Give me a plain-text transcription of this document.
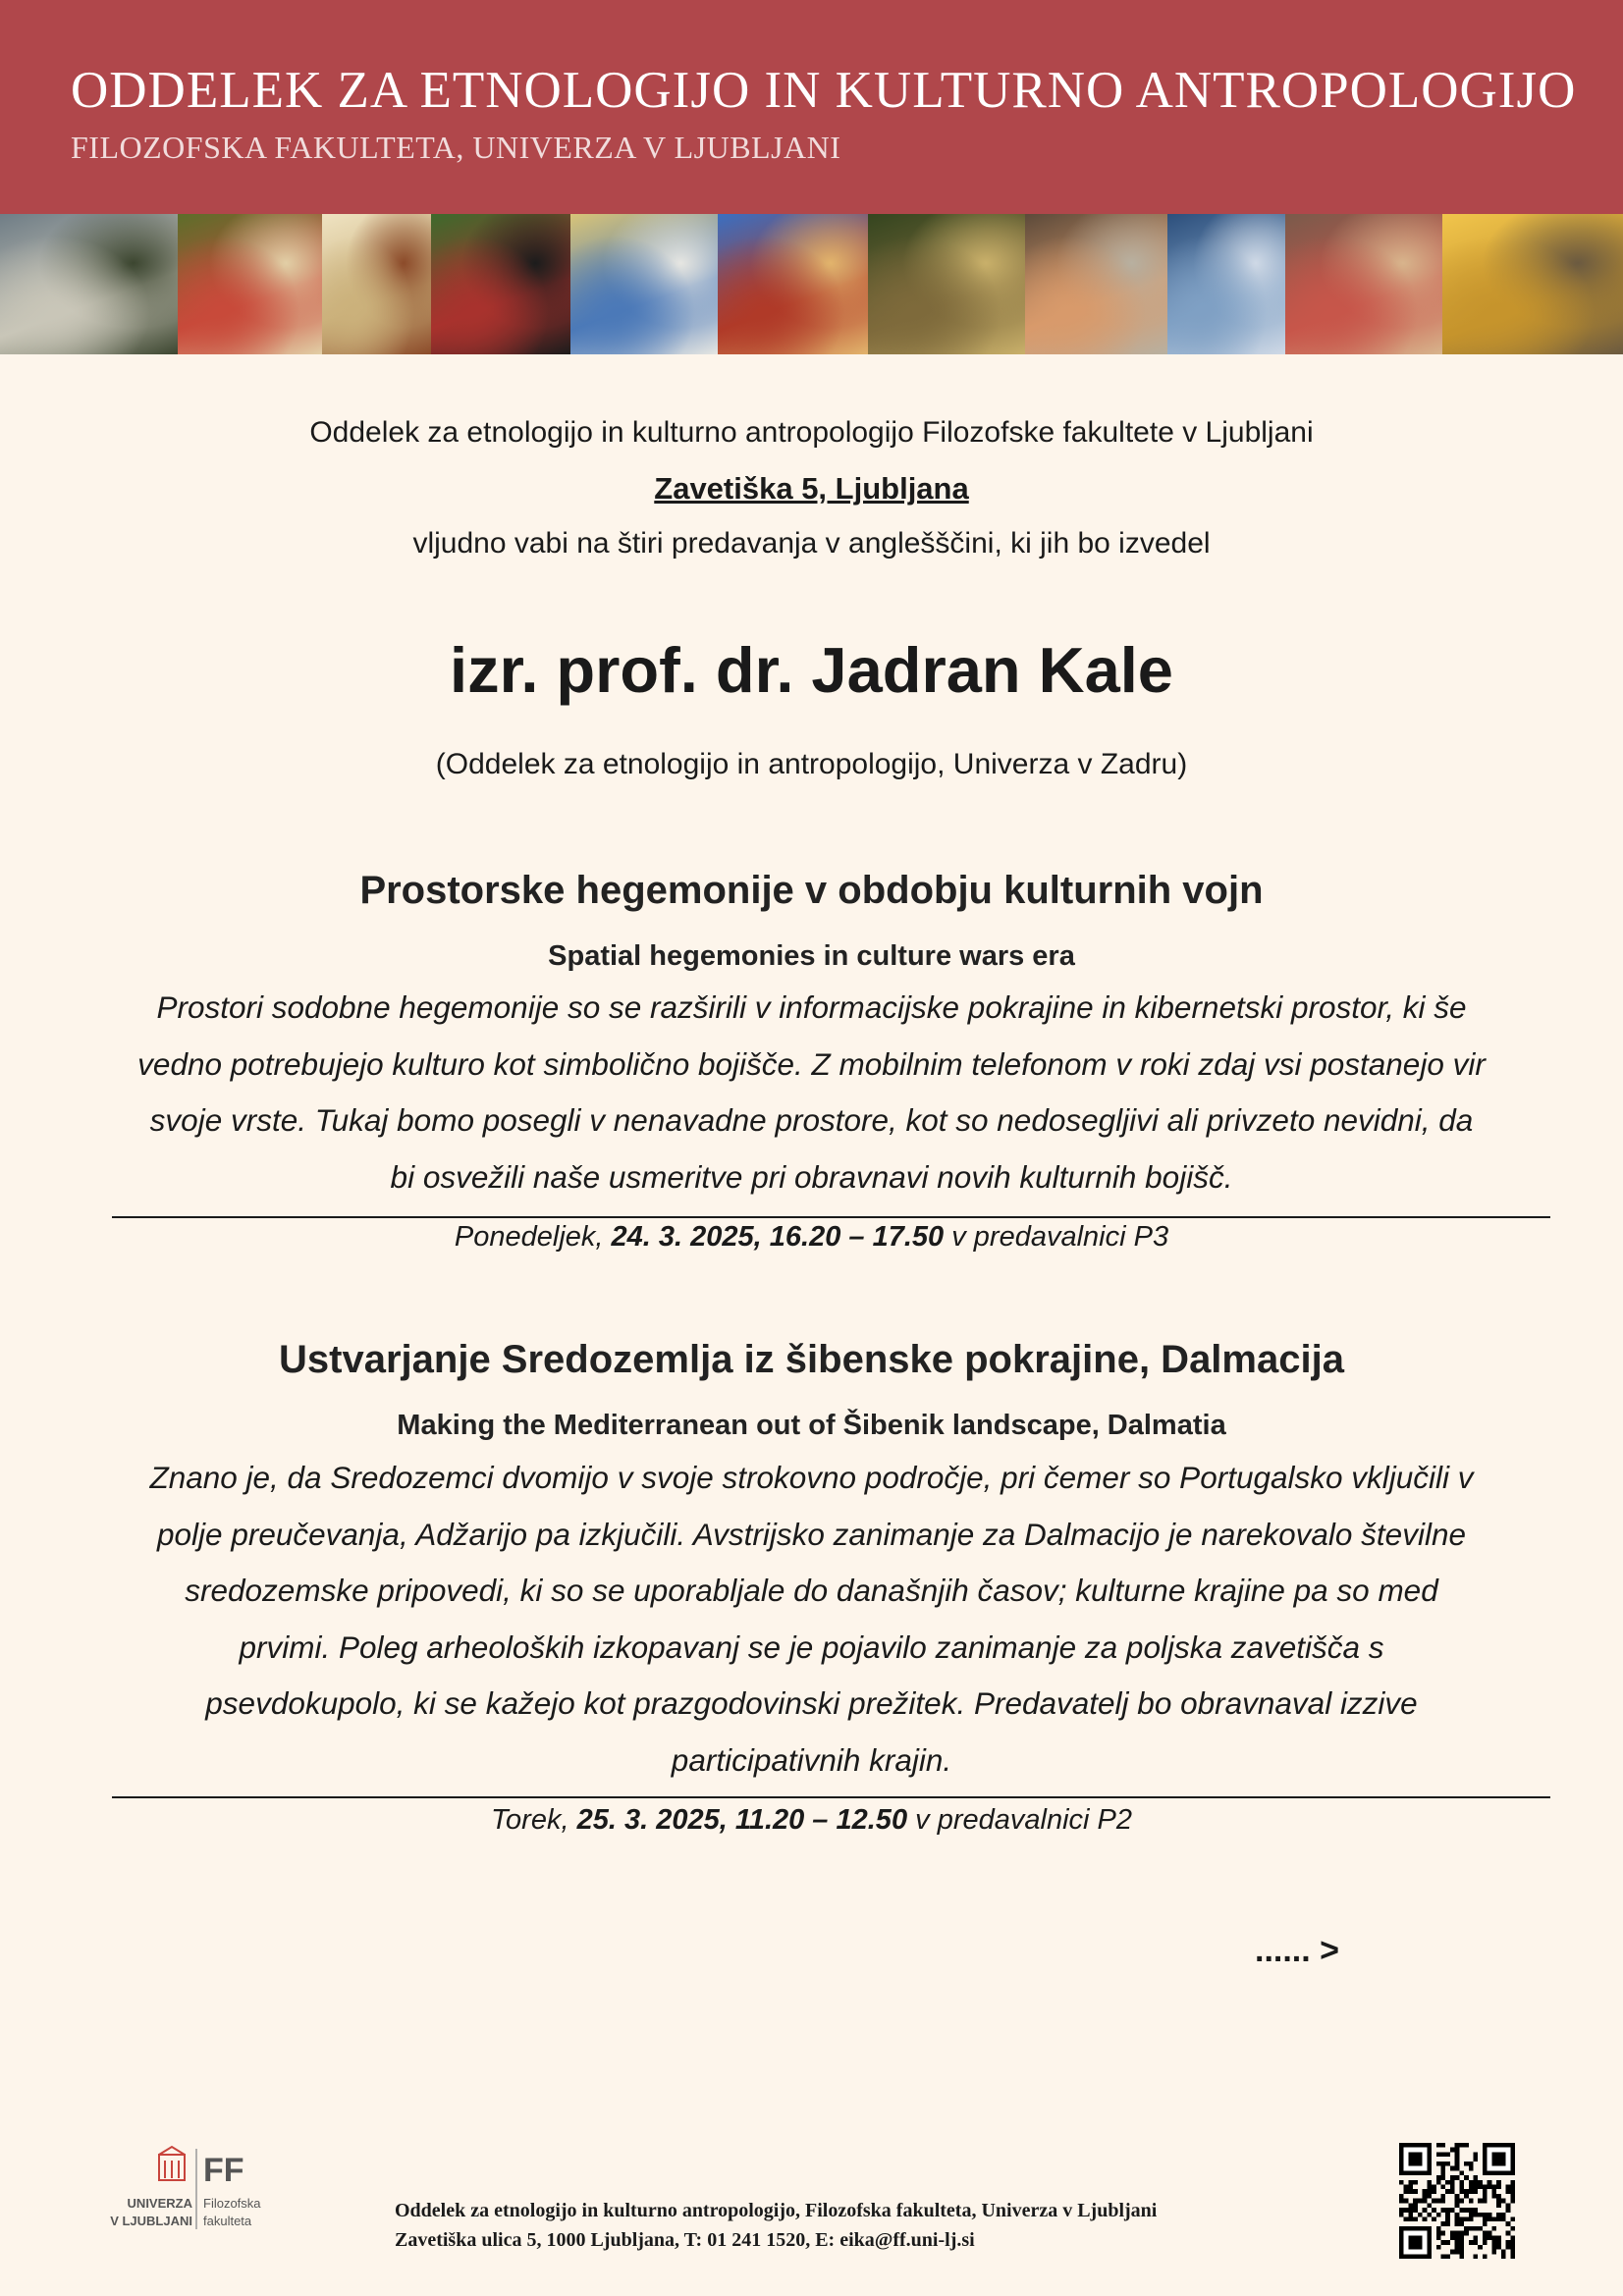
ODDELEK ZA ETNOLOGIJO IN KULTURNO ANTROPOLOGIJO
FILOZOFSKA FAKULTETA, UNIVERZA V LJUBLJANI
Oddelek za etnologijo in kulturno antropologijo Filozofske fakultete v Ljubljani
Zavetiška 5, Ljubljana
vljudno vabi na štiri predavanja v anglešščini, ki jih bo izvedel
izr. prof. dr. Jadran Kale
(Oddelek za etnologijo in antropologijo, Univerza v Zadru)
Prostorske hegemonije v obdobju kulturnih vojn
Spatial hegemonies in culture wars era
Prostori sodobne hegemonije so se razširili v informacijske pokrajine in kibernetski prostor, ki še
vedno potrebujejo kulturo kot simbolično bojišče. Z mobilnim telefonom v roki zdaj vsi postanejo vir
svoje vrste. Tukaj bomo posegli v nenavadne prostore, kot so nedosegljivi ali privzeto nevidni, da
bi osvežili naše usmeritve pri obravnavi novih kulturnih bojišč.
Ponedeljek, 24. 3. 2025, 16.20 – 17.50 v predavalnici P3
Ustvarjanje Sredozemlja iz šibenske pokrajine, Dalmacija
Making the Mediterranean out of Šibenik landscape, Dalmatia
Znano je, da Sredozemci dvomijo v svoje strokovno področje, pri čemer so Portugalsko vključili v
polje preučevanja, Adžarijo pa izkjučili. Avstrijsko zanimanje za Dalmacijo je narekovalo številne
sredozemske pripovedi, ki so se uporabljale do današnjih časov; kulturne krajine pa so med
prvimi. Poleg arheoloških izkopavanj se je pojavilo zanimanje za poljska zavetišča s
psevdokupolo, ki se kažejo kot prazgodovinski prežitek. Predavatelj bo obravnaval izzive
participativnih krajin.
Torek, 25. 3. 2025, 11.20 – 12.50 v predavalnici P2
...... >
UNIVERZA
V LJUBLJANI
FF
Filozofska
fakulteta	Oddelek za etnologijo in kulturno antropologijo, Filozofska fakulteta, Univerza v Ljubljani
Zavetiška ulica 5, 1000 Ljubljana, T: 01 241 1520, E: eika@ff.uni-lj.si
